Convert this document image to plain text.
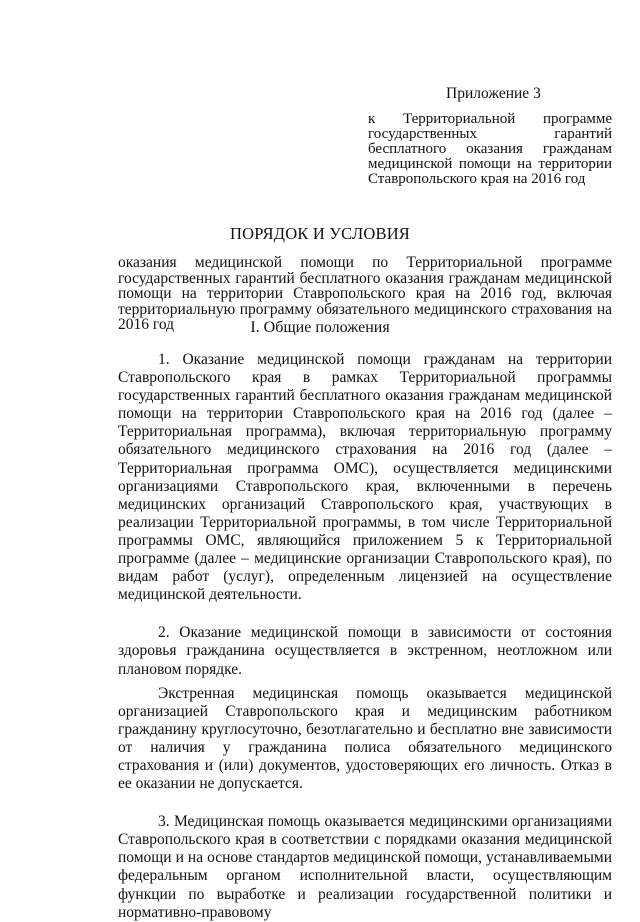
Приложение 3
к Территориальной программе государственных гарантий бесплатного оказания гражданам медицинской помощи на территории Ставропольского края на 2016 год
ПОРЯДОК И УСЛОВИЯ
оказания медицинской помощи по Территориальной программе государственных гарантий бесплатного оказания гражданам медицинской помощи на территории Ставропольского края на 2016 год, включая территориальную программу обязательного медицинского страхования на 2016 год	I. Общие положения

1. Оказание медицинской помощи гражданам на территории Ставропольского края в рамках Территориальной программы государственных гарантий бесплатного оказания гражданам медицинской помощи на территории Ставропольского края на 2016 год (далее – Территориальная программа), включая территориальную программу обязательного медицинского страхования на 2016 год (далее – Территориальная программа ОМС), осуществляется медицинскими организациями Ставропольского края, включенными в перечень медицинских организаций Ставропольского края, участвующих в реализации Территориальной программы, в том числе Территориальной программы ОМС, являющийся приложением 5 к Территориальной программе (далее – медицинские организации Ставропольского края), по видам работ (услуг), определенным лицензией на осуществление медицинской деятельности.

2. Оказание медицинской помощи в зависимости от состояния здоровья гражданина осуществляется в экстренном, неотложном или плановом порядке.

Экстренная медицинская помощь оказывается медицинской организацией Ставропольского края и медицинским работником гражданину круглосуточно, безотлагательно и бесплатно вне зависимости от наличия у гражданина полиса обязательного медицинского страхования и (или) документов, удостоверяющих его личность. Отказ в ее оказании не допускается.

3. Медицинская помощь оказывается медицинскими организациями Ставропольского края в соответствии с порядками оказания медицинской помощи и на основе стандартов медицинской помощи, устанавливаемыми федеральным органом исполнительной власти, осуществляющим функции по выработке и реализации государственной политики и нормативно-правовому
